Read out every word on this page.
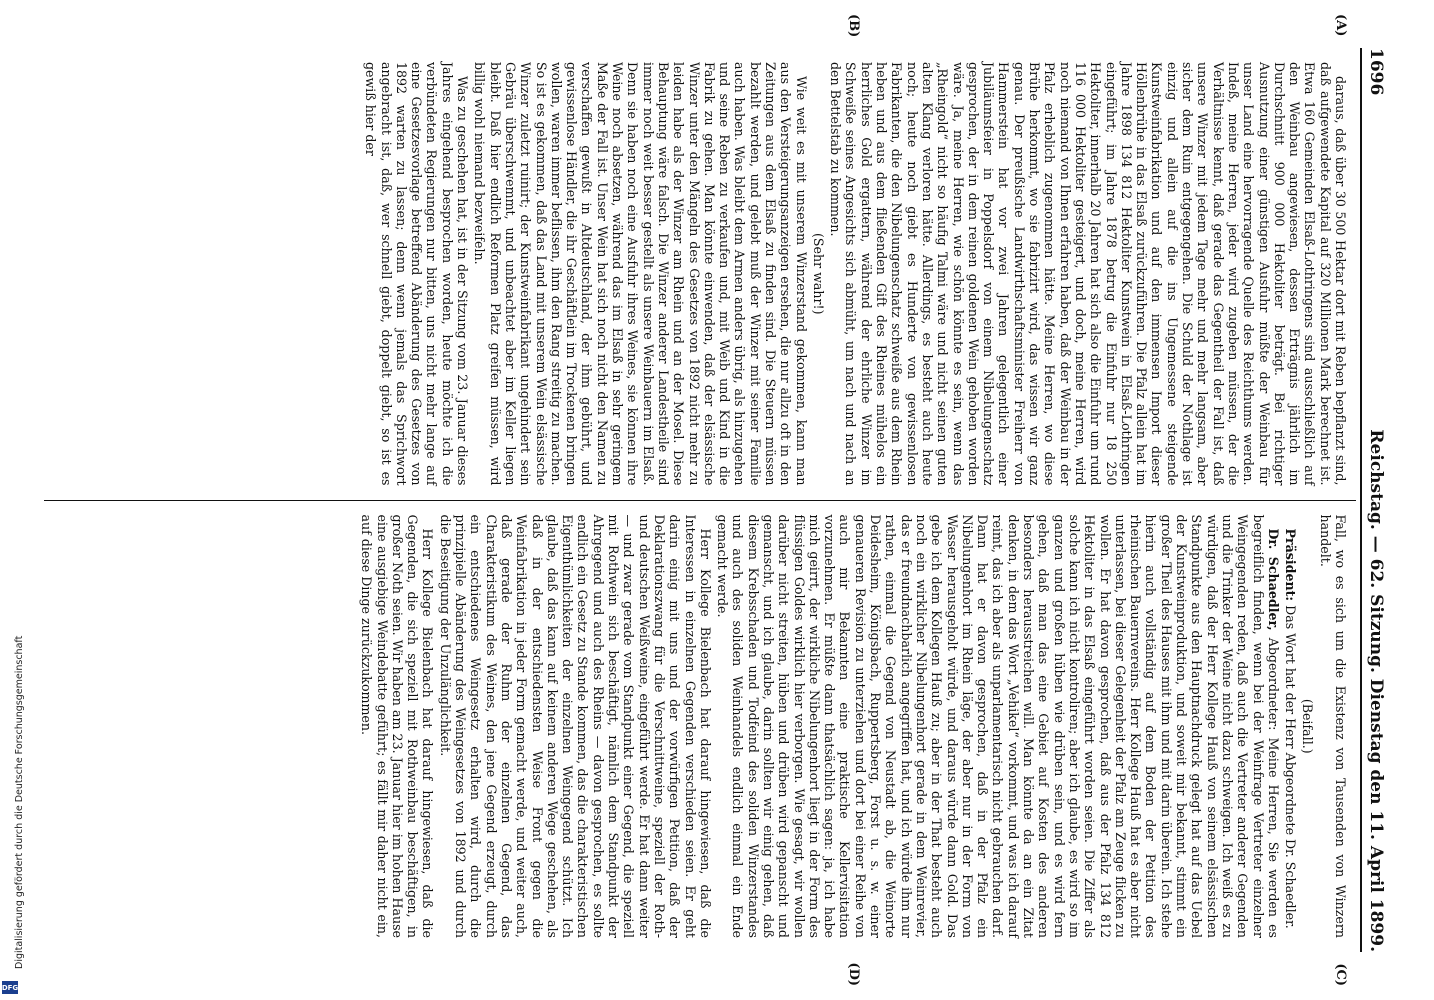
1696
Reichstag. — 62. Sitzung. Dienstag den 11. April 1899.
(A)
(B)

daraus, daß über 30 500 Hektar dort mit Reben bepflanzt sind, daß aufgewendete Kapital auf 320 Millionen Mark berechnet ist. Etwa 160 Gemeinden Elsaß-Lothringens sind ausschließlich auf den Weinbau angewiesen, dessen Erträgnis jährlich im Durchschnitt 900 000 Hektoliter beträgt. Bei richtiger Ausnutzung einer günstigen Ausfuhr müßte der Weinbau für unser Land eine hervorragende Quelle des Reichthums werden. Indeß, meine Herren, jeder wird zugeben müssen, der die Verhältnisse kennt, daß gerade das Gegentheil der Fall ist, daß unsere Winzer mit jedem Tage mehr und mehr langsam, aber sicher dem Ruin entgegengehen. Die Schuld der Nothlage ist einzig und allein auf die ins Ungemessene steigende Kunstweinfabrikation und auf den immensen Import dieser Höllenbrühe in das Elsaß zurückzuführen. Die Pfalz allein hat im Jahre 1898 134 812 Hektoliter Kunstwein in Elsaß-Lothringen eingeführt; im Jahre 1878 betrug die Einfuhr nur 18 250 Hektoliter, innerhalb 20 Jahren hat sich also die Einfuhr um rund 116 000 Hektoliter gesteigert, und doch, meine Herren, wird noch niemand von Ihnen erfahren haben, daß der Weinbau in der Pfalz erheblich zugenommen hätte. Meine Herren, wo diese Brühe herkommt, wo sie fabrizirt wird, das wissen wir ganz genau. Der preußische Landwirthschaftsminister Freiherr von Hammerstein hat vor zwei Jahren gelegentlich einer Jubiläumsfeier in Poppelsdorf von einem Nibelungenschatz gesprochen, der in dem reinen goldenen Wein gehoben worden wäre. Ja, meine Herren, wie schön könnte es sein, wenn das „Rheingold“ nicht so häufig Talmi wäre und nicht seinen guten alten Klang verloren hätte. Allerdings, es besteht auch heute noch; heute noch giebt es Hunderte von gewissenlosen Fabrikanten, die den Nibelungenschatz schweiße aus dem Rhein heben und aus dem fließenden Gift des Rheines mühelos ein herrliches Gold ergattern, während der ehrliche Winzer im Schweiße seines Angesichts sich abmüht, um nach und nach an den Bettelstab zu kommen.

(Sehr wahr!)

Wie weit es mit unserem Winzerstand gekommen, kann man aus den Versteigerungsanzeigen ersehen, die nur allzu oft in den Zeitungen aus dem Elsaß zu finden sind. Die Steuern müssen bezahlt werden, und gelebt muß der Winzer mit seiner Familie auch haben. Was bleibt dem Armen anders übrig, als hinzugehen und seine Reben zu verkaufen und, mit Weib und Kind in die Fabrik zu gehen. Man könnte einwenden, daß der elsässische Winzer unter den Mängeln des Gesetzes von 1892 nicht mehr zu leiden habe als der Winzer am Rhein und an der Mosel. Diese Behauptung wäre falsch. Die Winzer anderer Landestheile sind immer noch weit besser gestellt als unsere Weinbauern im Elsaß. Denn sie haben noch eine Ausfuhr ihres Weines, sie können ihre Weine noch absetzen, während das im Elsaß in sehr geringem Maße der Fall ist. Unser Wein hat sich noch nicht den Namen zu verschaffen gewußt in Altdeutschland, der ihm gebührt, und gewissenlose Händler, die ihr Geschäftlein im Trockenen bringen wollen, waren immer beflissen, ihm den Rang streitig zu machen. So ist es gekommen, daß das Land mit unserem Wein elsässische Winzer zuletzt ruinirt; der Kunstweinfabrikant ungehindert sein Gebräu überschwemmt, und unbeachtet aber im Keller liegen bleibt. Daß hier endlich Reformen Platz greifen müssen, wird billig wohl niemand bezweifeln.

Was zu geschehen hat, ist in der Sitzung vom 23. Januar dieses Jahres eingehend besprochen worden, heute möchte ich die verbündeten Regierungen nur bitten, uns nicht mehr lange auf eine Gesetzesvorlage betreffend Abänderung des Gesetzes von 1892 warten zu lassen; denn wenn jemals das Sprichwort angebracht ist, daß, wer schnell giebt, doppelt giebt, so ist es gewiß hier der

(C)
(D)

Fall, wo es sich um die Existenz von Tausenden von Winzern handelt.

(Beifall.)

Präsident: Das Wort hat der Herr Abgeordnete Dr. Schaedler.

Dr. Schaedler, Abgeordneter: Meine Herren, Sie werden es begreiflich finden, wenn bei der Weinfrage Vertreter einzelner Weingegenden reden, daß auch die Vertreter anderer Gegenden und die Trinker der Weine nicht dazu schweigen. Ich weiß es zu würdigen, daß der Herr Kollege Hauß von seinem elsässischen Standpunkte aus den Hauptnachdruck gelegt hat auf das Uebel der Kunstweinproduktion, und soweit mir bekannt, stimmt ein großer Theil des Hauses mit ihm und mit darin überein. Ich stehe hierin auch vollständig auf dem Boden der Petition des rheinischen Bauernvereins. Herr Kollege Hauß hat es aber nicht unterlassen, bei dieser Gelegenheit der Pfalz am Zeuge flicken zu wollen. Er hat davon gesprochen, daß aus der Pfalz 134 812 Hektoliter in das Elsaß eingeführt worden seien. Die Ziffer als solche kann ich nicht kontroliren; aber ich glaube, es wird so im ganzen und großen hüben wie drüben sein, und es wird fern gehen, daß man das eine Gebiet auf Kosten des anderen besonders herausstreichen will. Man könnte da an ein Zitat denken, in dem das Wort „Vehikel“ vorkommt, und was ich darauf reimt, das ich aber als unparlamentarisch nicht gebrauchen darf. Dann hat er davon gesprochen, daß in der Pfalz ein Nibelungenhort im Rhein läge, der aber nur in der Form von Wasser herausgeholt würde, und daraus würde dann Gold. Das gebe ich dem Kollegen Hauß zu; aber in der That besteht auch noch ein wirklicher Nibelungenhort gerade in dem Weinrevier, das er freundnachbarlich angegriffen hat, und ich würde ihm nur rathen, einmal die Gegend von Neustadt ab, die Weinorte Deidesheim, Königsbach, Ruppertsberg, Forst u. s. w. einer genaueren Revision zu unterziehen und dort bei einer Reihe von auch mir Bekannten eine praktische Kellervisitation vorzunehmen. Er müßte dann thatsächlich sagen: ja, ich habe mich geirrt, der wirkliche Nibelungenhort liegt in der Form des flüssigen Goldes wirklich hier verborgen. Wie gesagt, wir wollen darüber nicht streiten, hüben und drüben wird gepanscht und gemanscht, und ich glaube, darin sollten wir einig gehen, daß diesem Krebsschaden und Todfeind des soliden Winzerstandes und auch des soliden Weinhandels endlich einmal ein Ende gemacht werde.

Herr Kollege Bielenbach hat darauf hingewiesen, daß die Interessen in einzelnen Gegenden verschieden seien. Er geht darin einig mit uns und der vorwürfigen Petition, daß der Deklarationszwang für die Verschnittweine, speziell der Roth- und deutschen Weißweine, eingeführt werde. Er hat dann weiter — und zwar gerade vom Standpunkt einer Gegend, die speziell mit Rothwein sich beschäftigt, nämlich dem Standpunkt der Ahrgegend und auch des Rheins — davon gesprochen, es sollte endlich ein Gesetz zu Stande kommen, das die charakteristischen Eigenthümlichkeiten der einzelnen Weingegend schützt. Ich glaube, daß das kann auf keinem anderen Wege geschehen, als daß in der entschiedensten Weise Front gegen die Weinfabrikation in jeder Form gemacht werde, und weiter auch, daß gerade der Ruhm der einzelnen Gegend, das Charakteristikum des Weines, den jene Gegend erzeugt, durch ein entschiedenes Weingesetz erhalten wird, durch die prinzipielle Abänderung des Weingesetzes von 1892 und durch die Beseitigung der Unzulänglichkeit.

Herr Kollege Bielenbach hat darauf hingewiesen, daß die Gegenden, die sich speziell mit Rothweinbau beschäftigen, in großer Noth seien. Wir haben am 23. Januar hier im hohen Hause eine ausgiebige Weindebatte geführt; es fällt mir daher nicht ein, auf diese Dinge zurückzukommen.

Digitalisierung gefördert durch die Deutsche Forschungsgemeinschaft
DFG
